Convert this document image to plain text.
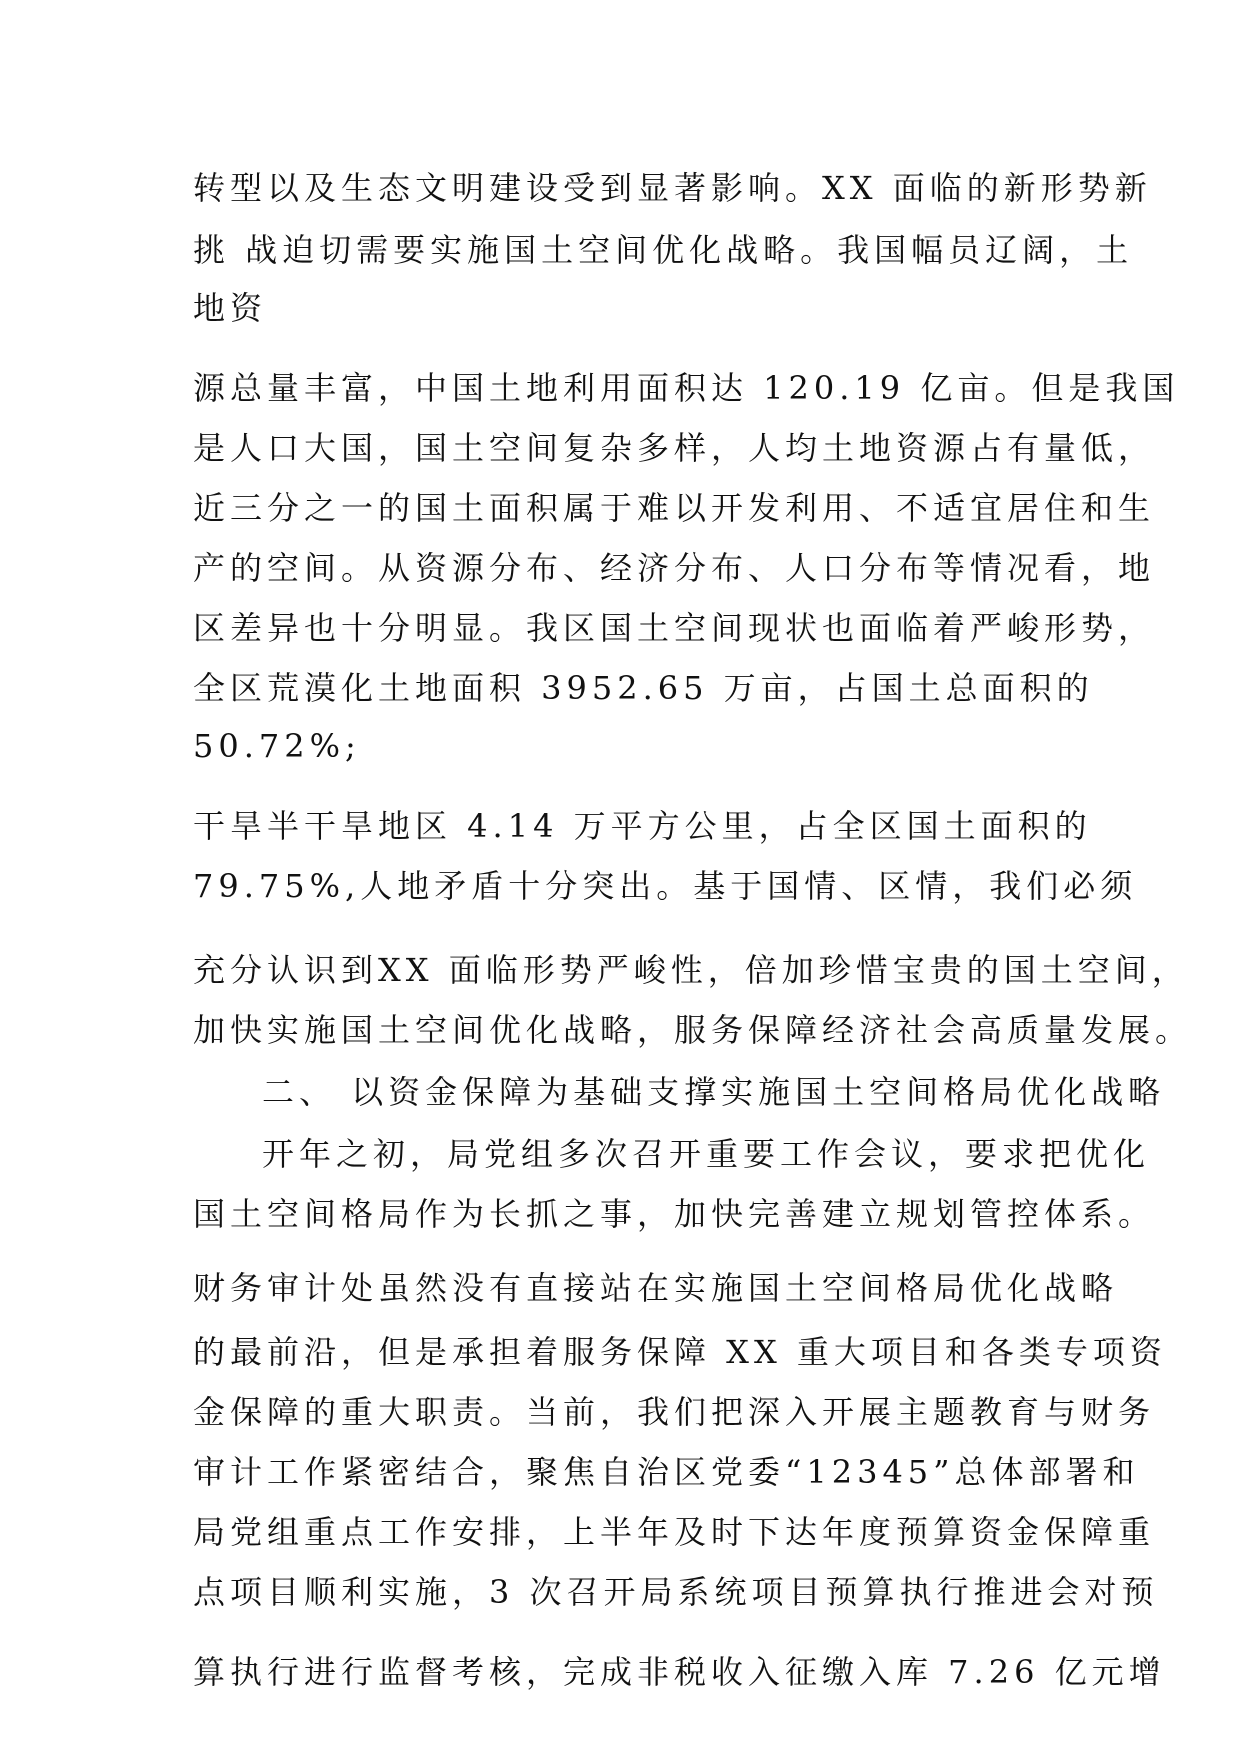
转型以及生态文明建设受到显著影响。XX 面临的新形势新
挑 战迫切需要实施国土空间优化战略。我国幅员辽阔，土
地资
源总量丰富，中国土地利用面积达 120.19 亿亩。但是我国
是人口大国，国土空间复杂多样，人均土地资源占有量低，
近三分之一的国土面积属于难以开发利用、不适宜居住和生
产的空间。从资源分布、经济分布、人口分布等情况看，地
区差异也十分明显。我区国土空间现状也面临着严峻形势，
全区荒漠化土地面积 3952.65 万亩，占国土总面积的
50.72%;
干旱半干旱地区 4.14 万平方公里，占全区国土面积的
79.75%,人地矛盾十分突出。基于国情、区情，我们必须
充分认识到XX 面临形势严峻性，倍加珍惜宝贵的国土空间，
加快实施国土空间优化战略，服务保障经济社会高质量发展。
二、 以资金保障为基础支撑实施国土空间格局优化战略
开年之初，局党组多次召开重要工作会议，要求把优化
国土空间格局作为长抓之事，加快完善建立规划管控体系。
财务审计处虽然没有直接站在实施国土空间格局优化战略
的最前沿，但是承担着服务保障 XX 重大项目和各类专项资
金保障的重大职责。当前，我们把深入开展主题教育与财务
审计工作紧密结合，聚焦自治区党委“12345”总体部署和
局党组重点工作安排，上半年及时下达年度预算资金保障重
点项目顺利实施，3 次召开局系统项目预算执行推进会对预
算执行进行监督考核，完成非税收入征缴入库 7.26 亿元增
